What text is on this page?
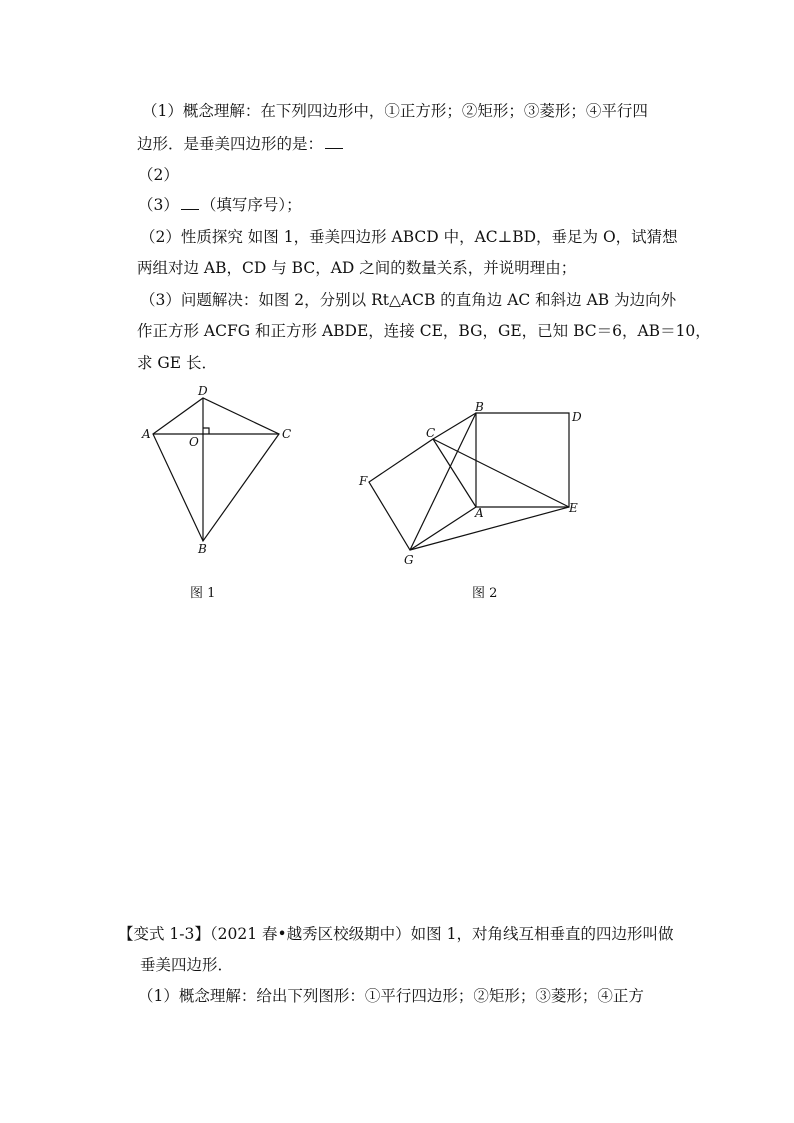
（1）概念理解：在下列四边形中，①正方形；②矩形；③菱形；④平行四
边形．是垂美四边形的是：
（2）
（3） （填写序号）；
（2）性质探究 如图 1，垂美四边形 ABCD 中，AC⊥BD，垂足为 O，试猜想
两组对边 AB，CD 与 BC，AD 之间的数量关系，并说明理由；
（3）问题解决：如图 2，分别以 Rt△ACB 的直角边 AC 和斜边 AB 为边向外
作正方形 ACFG 和正方形 ABDE，连接 CE，BG，GE，已知 BC＝6，AB＝10，
求 GE 长．
A
D
C
O
B
B
D
C
F
A	E
G
图 1	图 2
【变式 1-3】（2021 春•越秀区校级期中）如图 1，对角线互相垂直的四边形叫做
垂美四边形．
（1）概念理解：给出下列图形：①平行四边形；②矩形；③菱形；④正方
